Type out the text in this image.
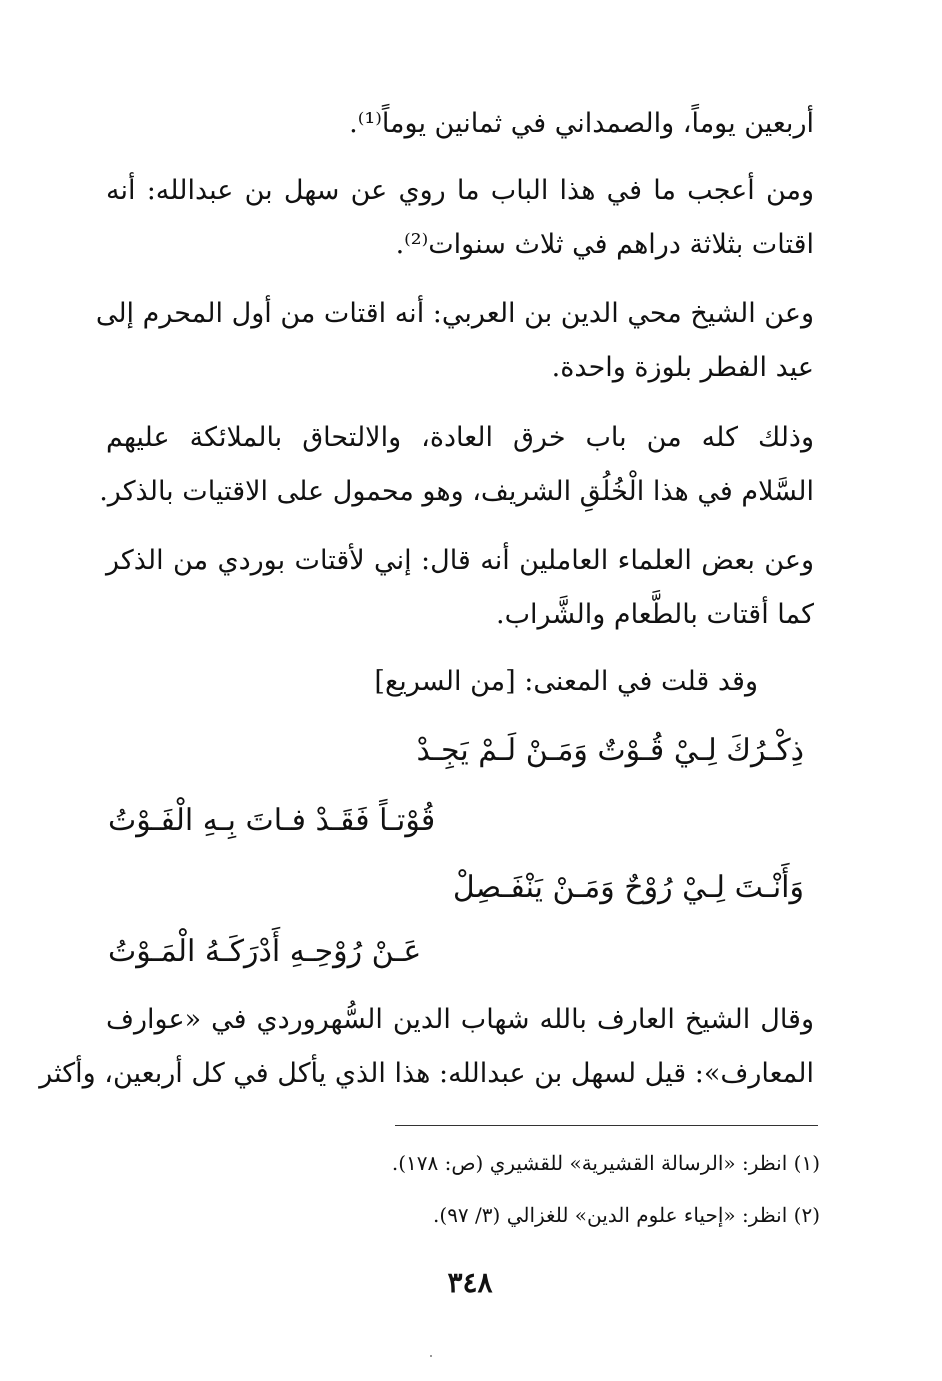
أربعين يوماً، والصمداني في ثمانين يوماً⁽¹⁾.
ومن أعجب ما في هذا الباب ما روي عن سهل بن عبدالله: أنه
اقتات بثلاثة دراهم في ثلاث سنوات⁽²⁾.
وعن الشيخ محي الدين بن العربي: أنه اقتات من أول المحرم إلى
عيد الفطر بلوزة واحدة.
وذلك كله من باب خرق العادة، والالتحاق بالملائكة عليهم
السَّلام في هذا الْخُلُقِ الشريف، وهو محمول على الاقتيات بالذكر.
وعن بعض العلماء العاملين أنه قال: إني لأقتات بوردي من الذكر
كما أقتات بالطَّعام والشَّراب.
وقد قلت في المعنى: [من السريع]
ذِكْـرُكَ لِـيْ قُـوْتٌ وَمَـنْ لَـمْ يَجِـدْ
قُوْتـاً فَقَـدْ فـاتَ بِـهِ الْفَـوْتُ
وَأَنْـتَ لِـيْ رُوْحٌ وَمَـنْ يَنْفَـصِلْ
عَـنْ رُوْحِـهِ أَدْرَكَـهُ الْمَـوْتُ
وقال الشيخ العارف بالله شهاب الدين السُّهروردي في «عوارف
المعارف»: قيل لسهل بن عبدالله: هذا الذي يأكل في كل أربعين، وأكثر
(١) انظر: «الرسالة القشيرية» للقشيري (ص: ١٧٨).
(٢) انظر: «إحياء علوم الدين» للغزالي (٣/ ٩٧).
٣٤٨
